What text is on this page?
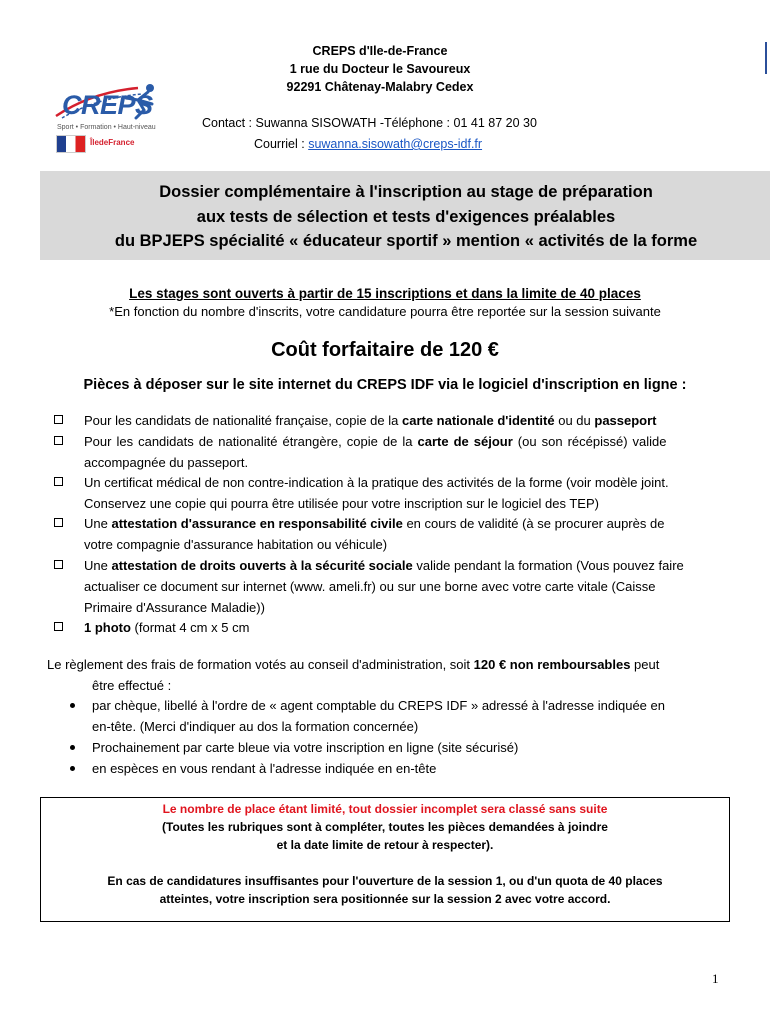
CREPS
Sport • Formation • Haut-niveau
ÎledeFrance
CREPS d'Ile-de-France
1 rue du Docteur le Savoureux
92291 Châtenay-Malabry Cedex
Contact : Suwanna SISOWATH -Téléphone : 01 41 87 20 30
Courriel : suwanna.sisowath@creps-idf.fr
Dossier complémentaire à l'inscription au stage de préparation
aux tests de sélection et tests d'exigences préalables
du BPJEPS spécialité « éducateur sportif » mention « activités de la forme
Les stages sont ouverts à partir de 15 inscriptions et dans la limite de 40 places
*En fonction du nombre d'inscrits, votre candidature pourra être reportée sur la session suivante
Coût forfaitaire de 120 €
Pièces à déposer sur le site internet du CREPS IDF via le logiciel d'inscription en ligne :
Pour les candidats de nationalité française, copie de la carte nationale d'identité ou du passeport
Pour les candidats de nationalité étrangère, copie de la carte de séjour (ou son récépissé) valide
accompagnée du passeport.
Un certificat médical de non contre-indication à la pratique des activités de la forme (voir modèle joint.
Conservez une copie qui pourra être utilisée pour votre inscription sur le logiciel des TEP)
Une attestation d'assurance en responsabilité civile en cours de validité (à se procurer auprès de
votre compagnie d'assurance habitation ou véhicule)
Une attestation de droits ouverts à la sécurité sociale valide pendant la formation (Vous pouvez faire
actualiser ce document sur internet (www. ameli.fr) ou sur une borne avec votre carte vitale (Caisse
Primaire d'Assurance Maladie))
1 photo (format 4 cm x 5 cm
Le règlement des frais de formation votés au conseil d'administration, soit 120 € non remboursables peut
être effectué :
par chèque, libellé à l'ordre de « agent comptable du CREPS IDF » adressé à l'adresse indiquée en
en-tête. (Merci d'indiquer au dos la formation concernée)
Prochainement par carte bleue via votre inscription en ligne (site sécurisé)
en espèces en vous rendant à l'adresse indiquée en en-tête
Le nombre de place étant limité, tout dossier incomplet sera classé sans suite
(Toutes les rubriques sont à compléter, toutes les pièces demandées à joindre
et la date limite de retour à respecter).
En cas de candidatures insuffisantes pour l'ouverture de la session 1, ou d'un quota de 40 places
atteintes, votre inscription sera positionnée sur la session 2 avec votre accord.
1
